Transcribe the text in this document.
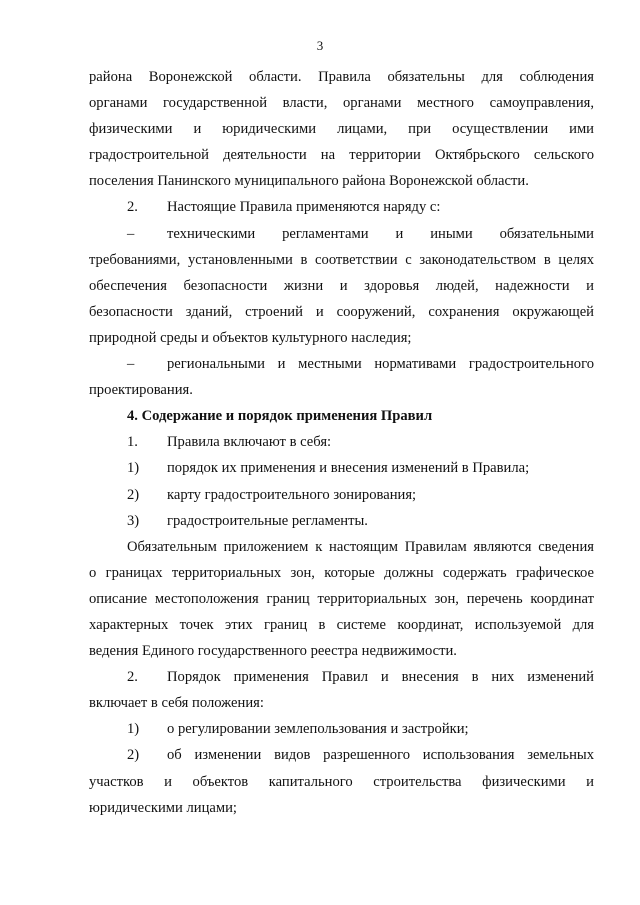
3

района Воронежской области. Правила обязательны для соблюдения

органами государственной власти, органами местного самоуправления,

физическими и юридическими лицами, при осуществлении ими

градостроительной деятельности на территории Октябрьского сельского

поселения Панинского муниципального района Воронежской области.

2.	Настоящие Правила применяются наряду с:
–	техническими регламентами и иными обязательными

требованиями, установленными в соответствии с законодательством в целях

обеспечения безопасности жизни и здоровья людей, надежности и

безопасности зданий, строений и сооружений, сохранения окружающей

природной среды и объектов культурного наследия;

–	региональными и местными нормативами градостроительного

проектирования.

4. Содержание и порядок применения Правил

1.	Правила включают в себя:
1)	порядок их применения и внесения изменений в Правила;
2)	карту градостроительного зонирования;
3)	градостроительные регламенты.

Обязательным приложением к настоящим Правилам являются сведения

о границах территориальных зон, которые должны содержать графическое

описание местоположения границ территориальных зон, перечень координат

характерных точек этих границ в системе координат, используемой для

ведения Единого государственного реестра недвижимости.

2.	Порядок применения Правил и внесения в них изменений

включает в себя положения:

1)	о регулировании землепользования и застройки;
2)	об изменении видов разрешенного использования земельных

участков и объектов капитального строительства физическими и

юридическими лицами;
